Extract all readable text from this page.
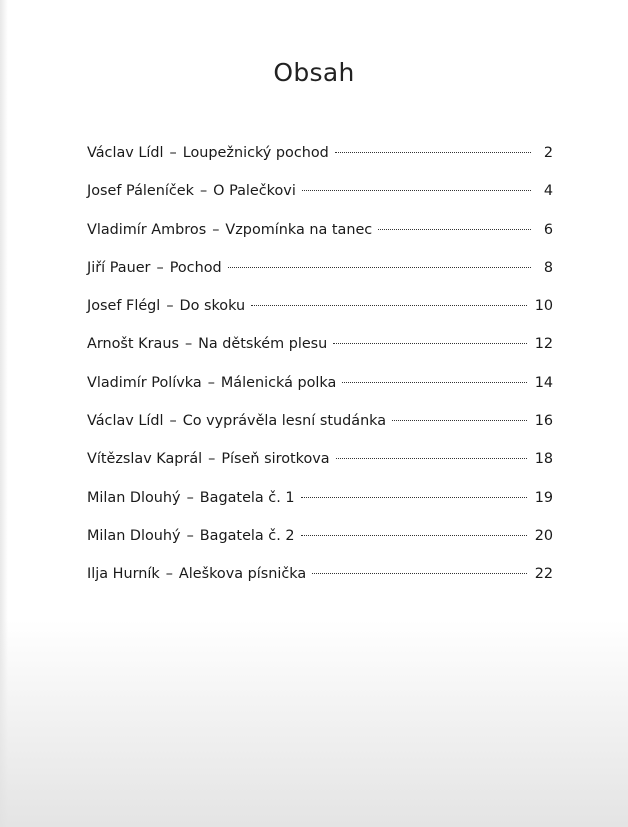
Obsah
Václav Lídl – Loupežnický pochod	2
Josef Páleníček – O Palečkovi	4
Vladimír Ambros – Vzpomínka na tanec	6
Jiří Pauer – Pochod	8
Josef Flégl – Do skoku	10
Arnošt Kraus – Na dětském plesu	12
Vladimír Polívka – Málenická polka	14
Václav Lídl – Co vyprávěla lesní studánka	16
Vítězslav Kaprál – Píseň sirotkova	18
Milan Dlouhý – Bagatela č. 1	19
Milan Dlouhý – Bagatela č. 2	20
Ilja Hurník – Aleškova písnička	22
